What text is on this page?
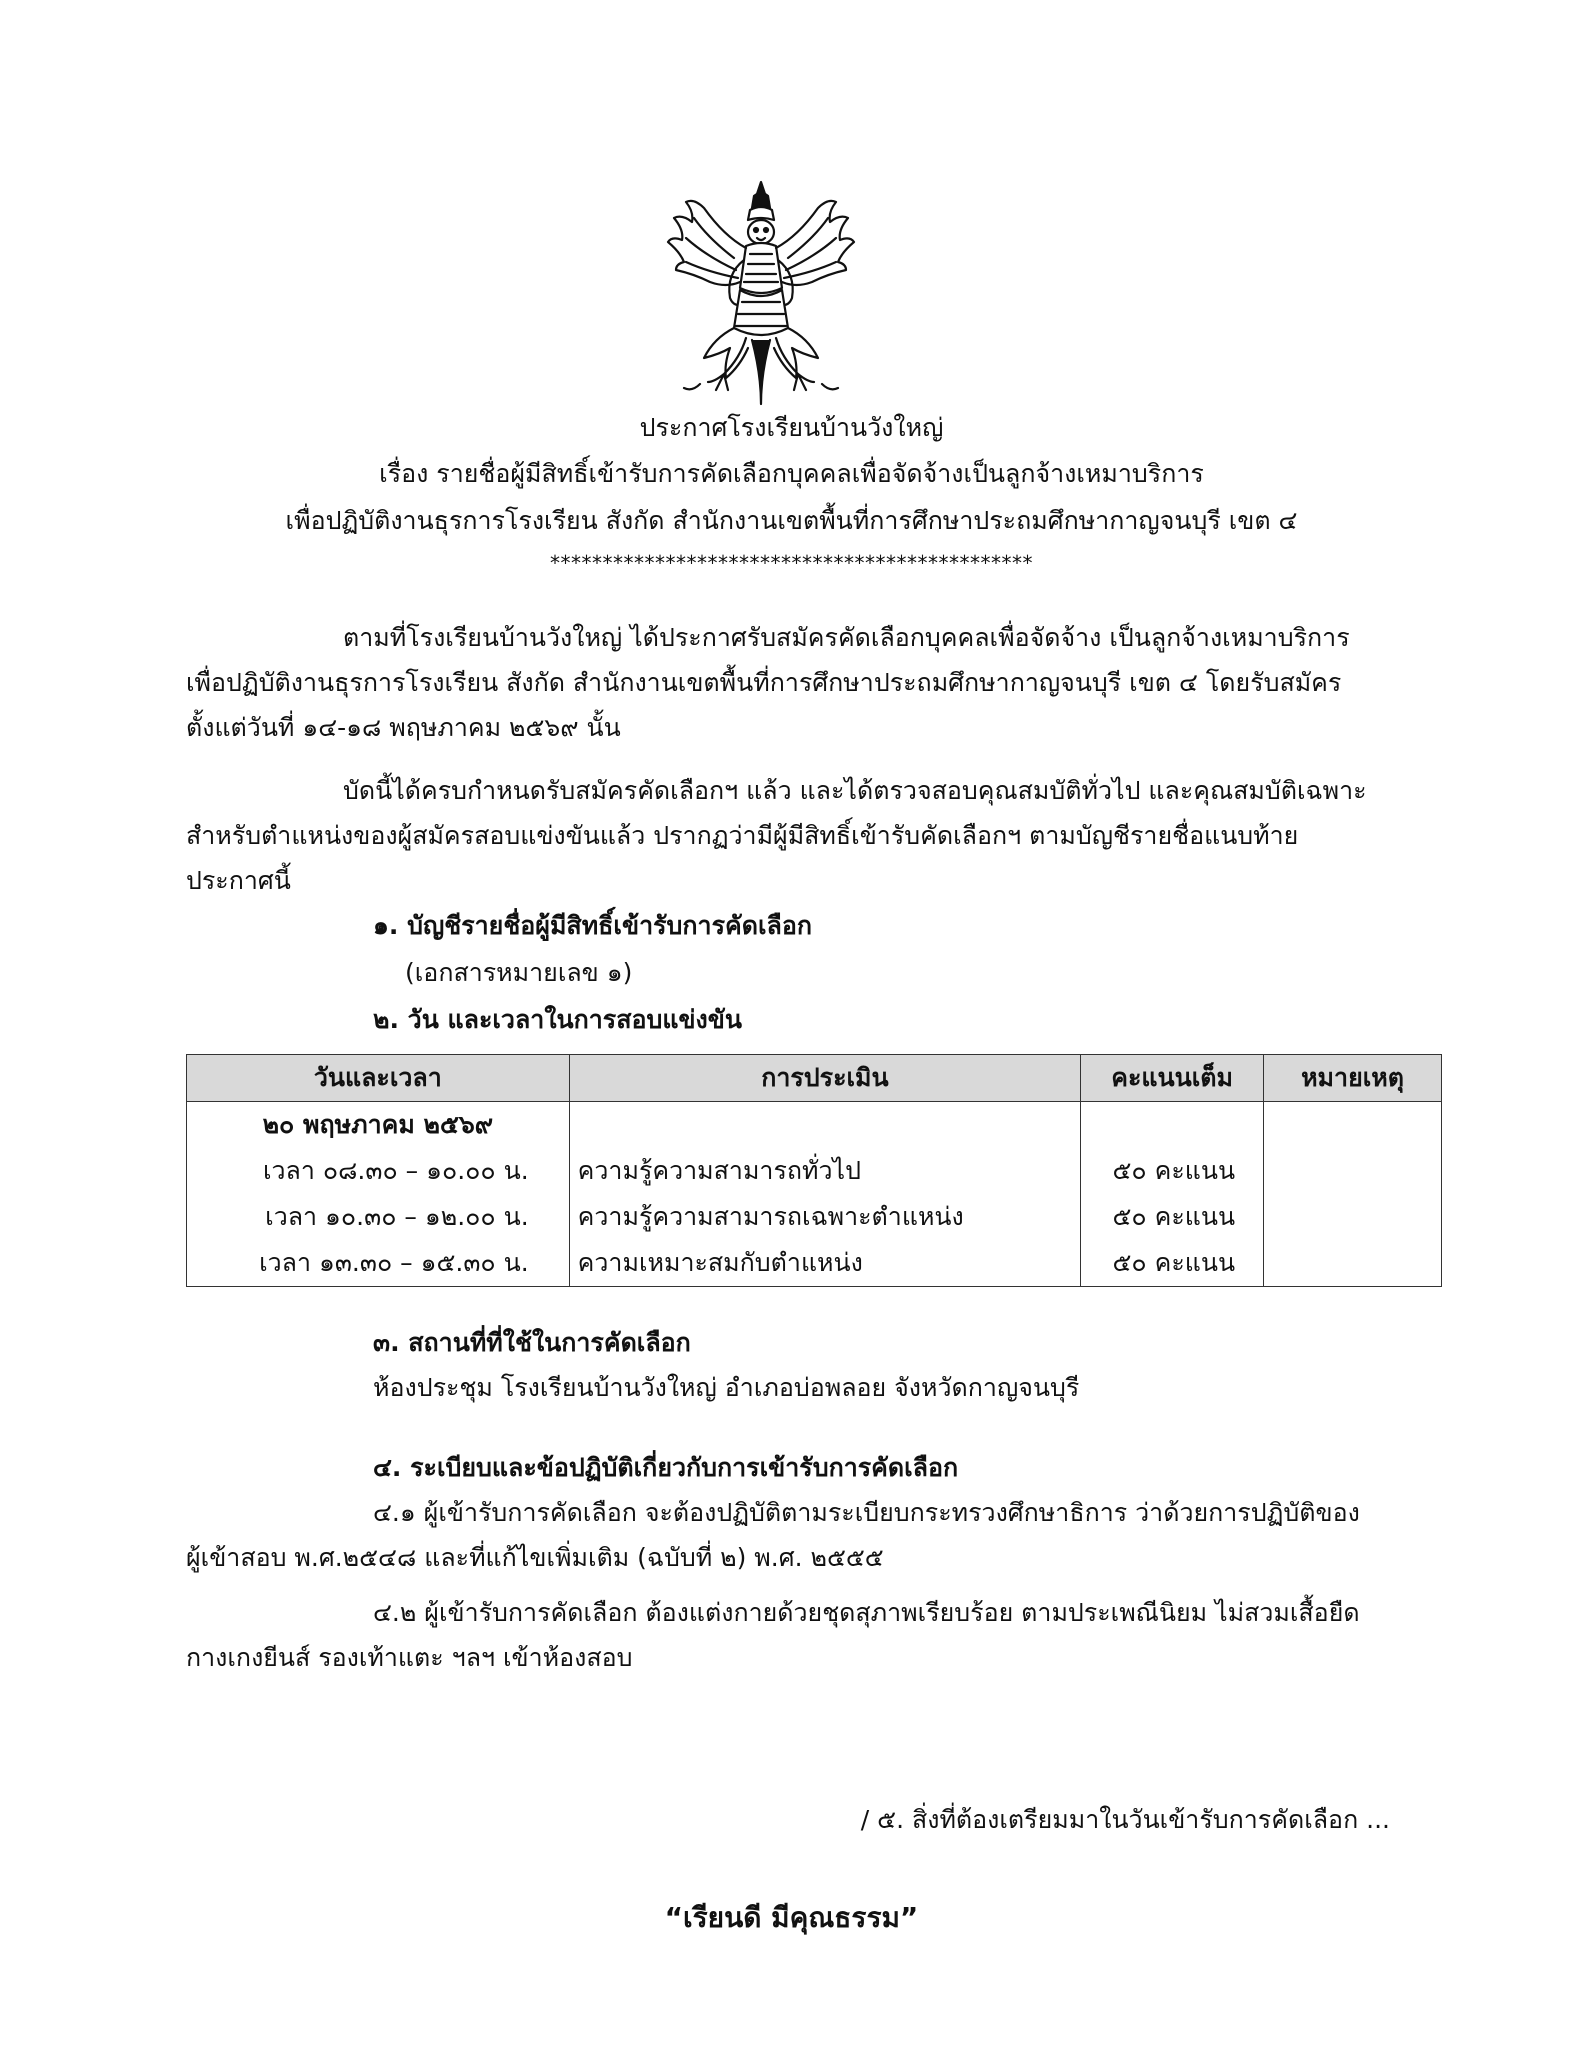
ประกาศโรงเรียนบ้านวังใหญ่
เรื่อง รายชื่อผู้มีสิทธิ์เข้ารับการคัดเลือกบุคคลเพื่อจัดจ้างเป็นลูกจ้างเหมาบริการ
เพื่อปฏิบัติงานธุรการโรงเรียน สังกัด สำนักงานเขตพื้นที่การศึกษาประถมศึกษากาญจนบุรี เขต ๔
**********************************************
ตามที่โรงเรียนบ้านวังใหญ่ ได้ประกาศรับสมัครคัดเลือกบุคคลเพื่อจัดจ้าง เป็นลูกจ้างเหมาบริการ
เพื่อปฏิบัติงานธุรการโรงเรียน สังกัด สำนักงานเขตพื้นที่การศึกษาประถมศึกษากาญจนบุรี เขต ๔ โดยรับสมัคร
ตั้งแต่วันที่ ๑๔-๑๘ พฤษภาคม ๒๕๖๙ นั้น
บัดนี้ได้ครบกำหนดรับสมัครคัดเลือกฯ แล้ว และได้ตรวจสอบคุณสมบัติทั่วไป และคุณสมบัติเฉพาะ
สำหรับตำแหน่งของผู้สมัครสอบแข่งขันแล้ว ปรากฏว่ามีผู้มีสิทธิ์เข้ารับคัดเลือกฯ ตามบัญชีรายชื่อแนบท้าย
ประกาศนี้
๑. บัญชีรายชื่อผู้มีสิทธิ์เข้ารับการคัดเลือก
(เอกสารหมายเลข ๑)
๒. วัน และเวลาในการสอบแข่งขัน
วันและเวลา	การประเมิน	คะแนนเต็ม	หมายเหตุ
๒๐ พฤษภาคม ๒๕๖๙			
เวลา ๐๘.๓๐ – ๑๐.๐๐ น.	ความรู้ความสามารถทั่วไป	๕๐ คะแนน	
เวลา ๑๐.๓๐ – ๑๒.๐๐ น.	ความรู้ความสามารถเฉพาะตำแหน่ง	๕๐ คะแนน	
เวลา ๑๓.๓๐ – ๑๕.๓๐ น.	ความเหมาะสมกับตำแหน่ง	๕๐ คะแนน	
๓. สถานที่ที่ใช้ในการคัดเลือก
ห้องประชุม โรงเรียนบ้านวังใหญ่ อำเภอบ่อพลอย จังหวัดกาญจนบุรี
๔. ระเบียบและข้อปฏิบัติเกี่ยวกับการเข้ารับการคัดเลือก
๔.๑ ผู้เข้ารับการคัดเลือก จะต้องปฏิบัติตามระเบียบกระทรวงศึกษาธิการ ว่าด้วยการปฏิบัติของ
ผู้เข้าสอบ พ.ศ.๒๕๔๘ และที่แก้ไขเพิ่มเติม (ฉบับที่ ๒) พ.ศ. ๒๕๕๕
๔.๒ ผู้เข้ารับการคัดเลือก ต้องแต่งกายด้วยชุดสุภาพเรียบร้อย ตามประเพณีนิยม ไม่สวมเสื้อยืด
กางเกงยีนส์ รองเท้าแตะ ฯลฯ เข้าห้องสอบ
/ ๕. สิ่งที่ต้องเตรียมมาในวันเข้ารับการคัดเลือก ...
“เรียนดี มีคุณธรรม”
